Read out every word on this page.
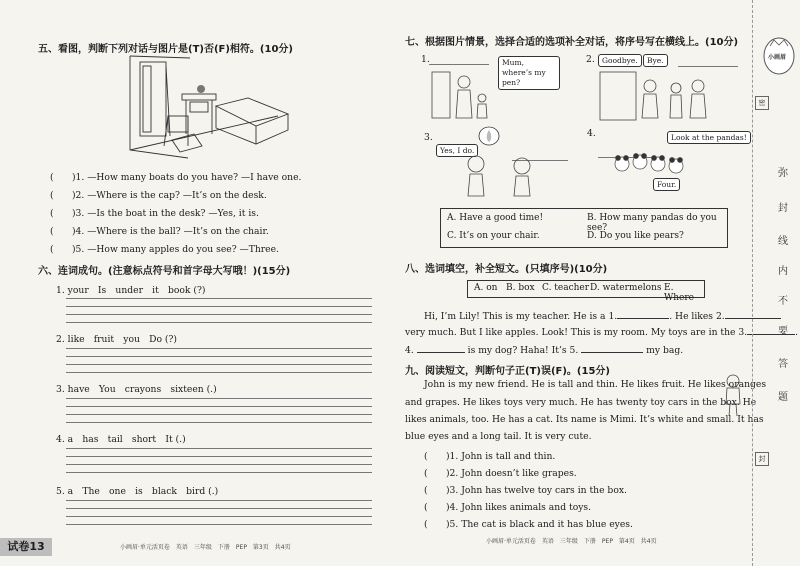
五、看图，判断下列对话与图片是(T)否(F)相符。(10分)
(　　)1. —How many boats do you have? —I have one.
(　　)2. —Where is the cap? —It’s on the desk.
(　　)3. —Is the boat in the desk? —Yes, it is.
(　　)4. —Where is the ball? —It’s on the chair.
(　　)5. —How many apples do you see? —Three.
六、连词成句。(注意标点符号和首字母大写哦！)(15分)
1. your　Is　under　it　book (?)
2. like　fruit　you　Do (?)
3. have　You　crayons　sixteen (.)
4. a　has　tail　short　It (.)
5. a　The　one　is　black　bird (.)
试卷13	小画眉·单元活页卷　英语　三年级　下册　PEP　第3页　共4页
七、根据图片情景，选择合适的选项补全对话，将序号写在横线上。(10分)
1.	Mum, where’s my pen?
2. Goodbye.	Bye.
3.
Yes, I do.
4.	Look at the pandas!
Four.
A. Have a good time!	B. How many pandas do you see?
C. It’s on your chair.	D. Do you like pears?
八、选词填空，补全短文。(只填序号)(10分)
A. on B. box C. teacher D. watermelons E. Where
Hi, I’m Lily! This is my teacher. He is a 1.	. He likes 2.
very much. But I like apples. Look! This is my room. My toys are in the 3.	.
4.	is my dog? Haha! It’s 5.	my bag.
九、阅读短文，判断句子正(T)误(F)。(15分)
John is my new friend. He is tall and thin. He likes fruit. He likes oranges
and grapes. He likes toys very much. He has twenty toy cars in the box. He
likes animals, too. He has a cat. Its name is Mimi. It’s white and small. It has
blue eyes and a long tail. It is very cute.
(　　)1. John is tall and thin.
(　　)2. John doesn’t like grapes.
(　　)3. John has twelve toy cars in the box.
(　　)4. John likes animals and toys.
(　　)5. The cat is black and it has blue eyes.
小画眉·单元活页卷　英语　三年级　下册　PEP　第4页　共4页
小画眉
密
弥
封
线
内
不
要
答
题
封
